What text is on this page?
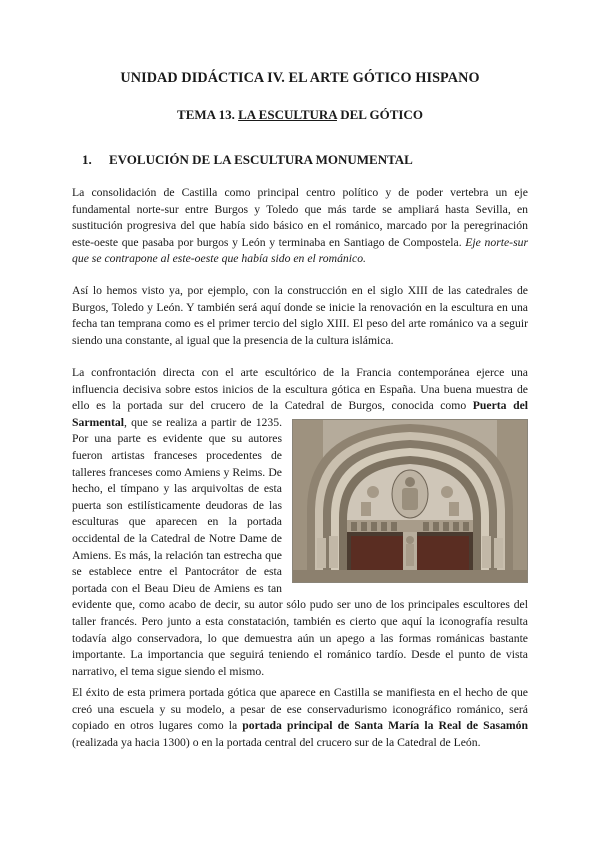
UNIDAD DIDÁCTICA IV. EL ARTE GÓTICO HISPANO
TEMA 13. LA ESCULTURA DEL GÓTICO
1. EVOLUCIÓN DE LA ESCULTURA MONUMENTAL

La consolidación de Castilla como principal centro político y de poder vertebra un eje fundamental norte-sur entre Burgos y Toledo que más tarde se ampliará hasta Sevilla, en sustitución progresiva del que había sido básico en el románico, marcado por la peregrinación este-oeste que pasaba por burgos y León y terminaba en Santiago de Compostela. Eje norte-sur que se contrapone al este-oeste que había sido en el románico.

Así lo hemos visto ya, por ejemplo, con la construcción en el siglo XIII de las catedrales de Burgos, Toledo y León. Y también será aquí donde se inicie la renovación en la escultura en una fecha tan temprana como es el primer tercio del siglo XIII. El peso del arte románico va a seguir siendo una constante, al igual que la presencia de la cultura islámica.

La confrontación directa con el arte escultórico de la Francia contemporánea ejerce una influencia decisiva sobre estos inicios de la escultura gótica en España. Una buena muestra de ello es la portada sur del crucero de la Catedral de Burgos, conocida como Puerta del Sarmental
, que se realiza a partir de 1235. Por una parte es evidente que su autores fueron artistas franceses procedentes de talleres franceses como Amiens y Reims. De hecho, el tímpano y las arquivoltas de esta puerta son estilísticamente deudoras de las esculturas que aparecen en la portada occidental de la Catedral de Notre Dame de Amiens. Es más, la relación tan estrecha que se establece entre el Pantocrátor de esta portada con el Beau Dieu de Amiens es tan evidente que, como acabo de decir, su autor sólo pudo ser uno de los principales escultores del taller francés. Pero junto a esta constatación, también es cierto que aquí la iconografía resulta todavía algo conservadora, lo que demuestra aún un apego a las formas románicas bastante importante. La importancia que seguirá teniendo el románico tardío. Desde el punto de vista narrativo, el tema sigue siendo el mismo.

El éxito de esta primera portada gótica que aparece en Castilla se manifiesta en el hecho de que creó una escuela y su modelo, a pesar de ese conservadurismo iconográfico románico, será copiado en otros lugares como la portada principal de Santa María la Real de Sasamón (realizada ya hacia 1300) o en la portada central del crucero sur de la Catedral de León.
